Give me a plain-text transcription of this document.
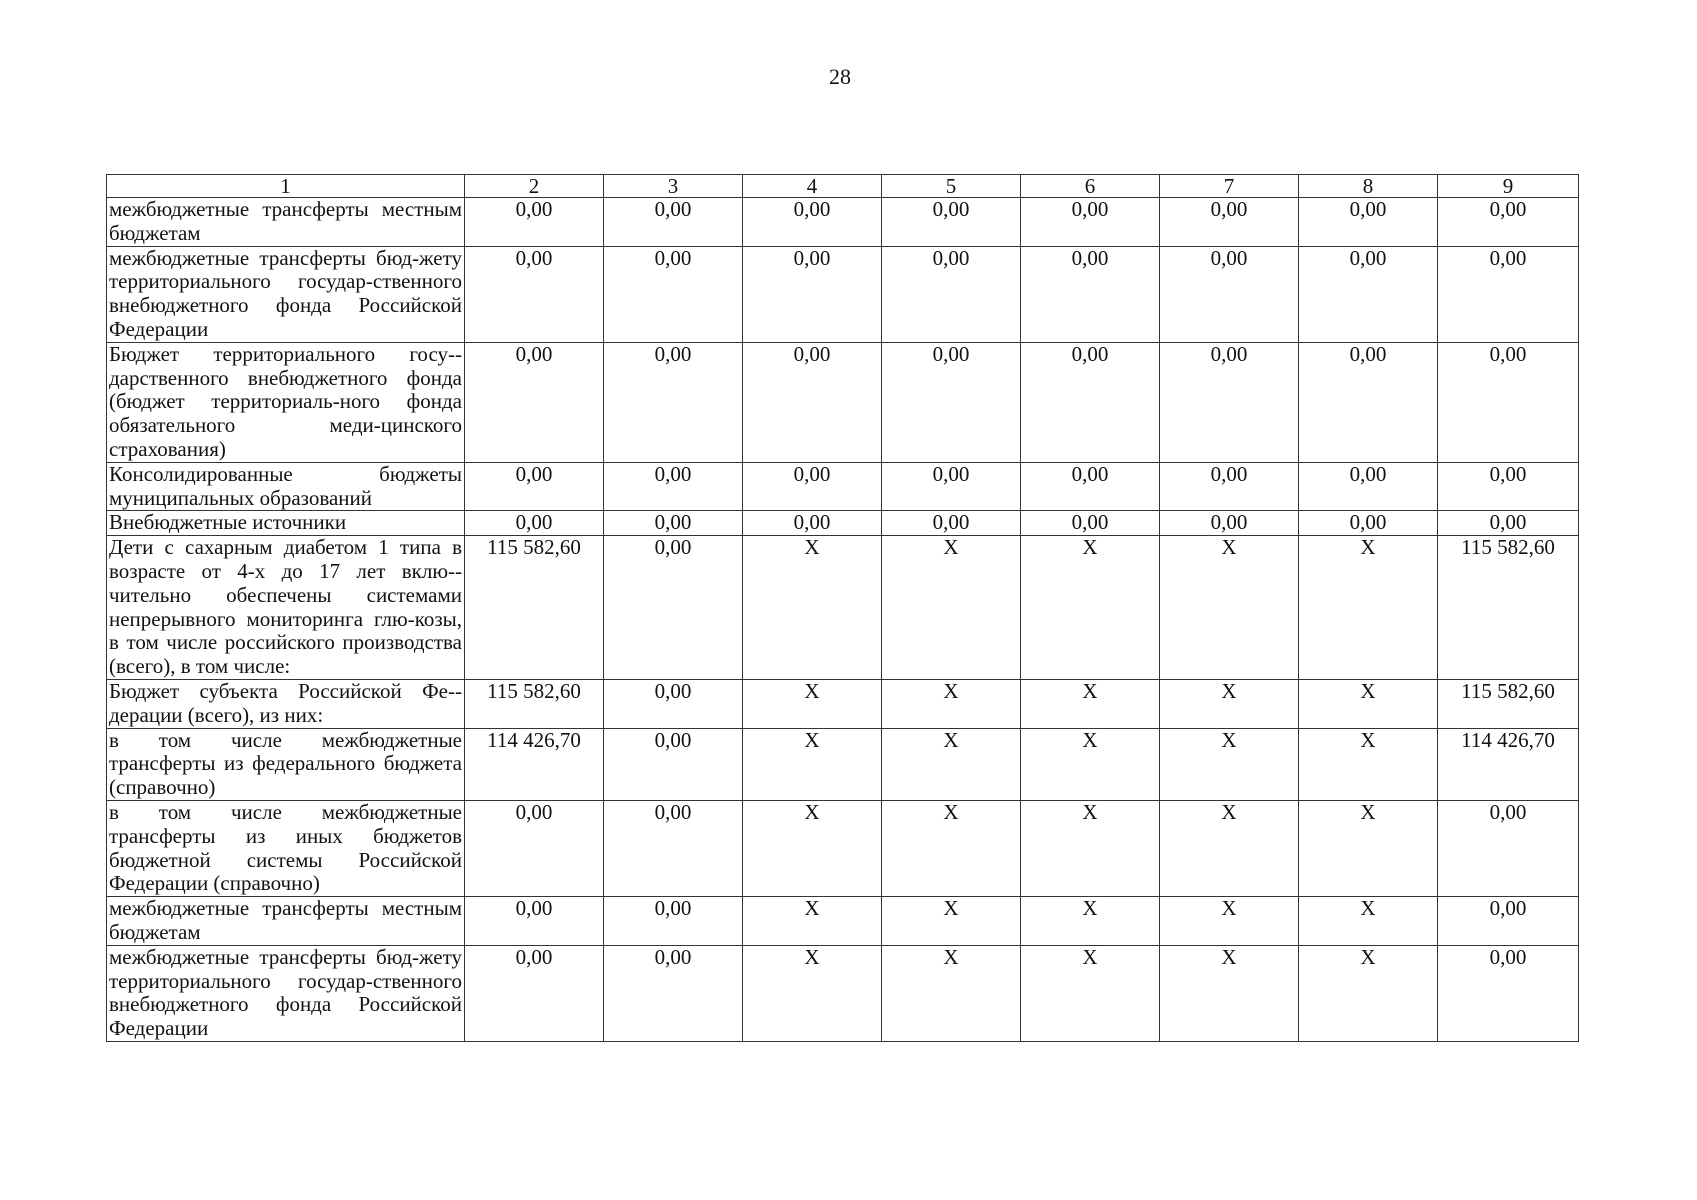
28
1	2	3	4	5	6	7	8	9
межбюджетные трансферты местным бюджетам	0,00	0,00	0,00	0,00	0,00	0,00	0,00	0,00
межбюджетные трансферты бюд-жету территориального государ-ственного внебюджетного фонда Российской Федерации	0,00	0,00	0,00	0,00	0,00	0,00	0,00	0,00
Бюджет территориального госу-дарственного внебюджетного фонда (бюджет территориаль-ного фонда обязательного меди-цинского страхования)	0,00	0,00	0,00	0,00	0,00	0,00	0,00	0,00
Консолидированные бюджеты муниципальных образований	0,00	0,00	0,00	0,00	0,00	0,00	0,00	0,00
Внебюджетные источники	0,00	0,00	0,00	0,00	0,00	0,00	0,00	0,00
Дети с сахарным диабетом 1 типа в возрасте от 4-х до 17 лет вклю-чительно обеспечены системами непрерывного мониторинга глю-козы, в том числе российского производства (всего), в том числе:	115 582,60	0,00	Х	Х	Х	Х	Х	115 582,60
Бюджет субъекта Российской Фе-дерации (всего), из них:	115 582,60	0,00	Х	Х	Х	Х	Х	115 582,60
в том числе межбюджетные трансферты из федерального бюджета (справочно)	114 426,70	0,00	Х	Х	Х	Х	Х	114 426,70
в том числе межбюджетные трансферты из иных бюджетов бюджетной системы Российской Федерации (справочно)	0,00	0,00	Х	Х	Х	Х	Х	0,00
межбюджетные трансферты местным бюджетам	0,00	0,00	Х	Х	Х	Х	Х	0,00
межбюджетные трансферты бюд-жету территориального государ-ственного внебюджетного фонда Российской Федерации	0,00	0,00	Х	Х	Х	Х	Х	0,00
